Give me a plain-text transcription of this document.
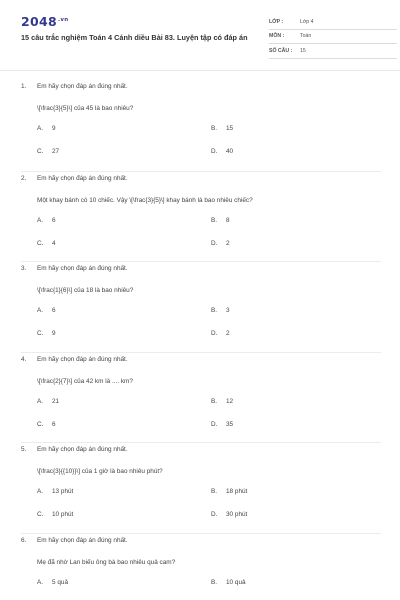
$2048^{.vn}$
15 câu trắc nghiệm Toán 4 Cánh diều Bài 83. Luyện tập có đáp án
LỚP :	Lớp 4
MÔN :	Toán
SỐ CÂU :	15
1.	Em hãy chọn đáp án đúng nhất.
\[\frac{3}{5}\] của 45 là bao nhiêu?
A.	9	B.	15
C.	27	D.	40
2.	Em hãy chọn đáp án đúng nhất.
Một khay bánh có 10 chiếc. Vậy \[\frac{3}{5}\] khay bánh là bao nhiêu chiếc?
A.	6	B.	8
C.	4	D.	2
3.	Em hãy chọn đáp án đúng nhất.
\[\frac{1}{6}\] của 18 là bao nhiêu?
A.	6	B.	3
C.	9	D.	2
4.	Em hãy chọn đáp án đúng nhất.
\[\frac{2}{7}\] của 42 km là .... km?
A.	21	B.	12
C.	6	D.	35
5.	Em hãy chọn đáp án đúng nhất.
\[\frac{3}{{10}}\] của 1 giờ là bao nhiêu phút?
A.	13 phút	B.	18 phút
C.	10 phút	D.	30 phút
6.	Em hãy chọn đáp án đúng nhất.
Mẹ đã nhờ Lan biếu ông bà bao nhiêu quả cam?
A.	5 quả	B.	10 quả
